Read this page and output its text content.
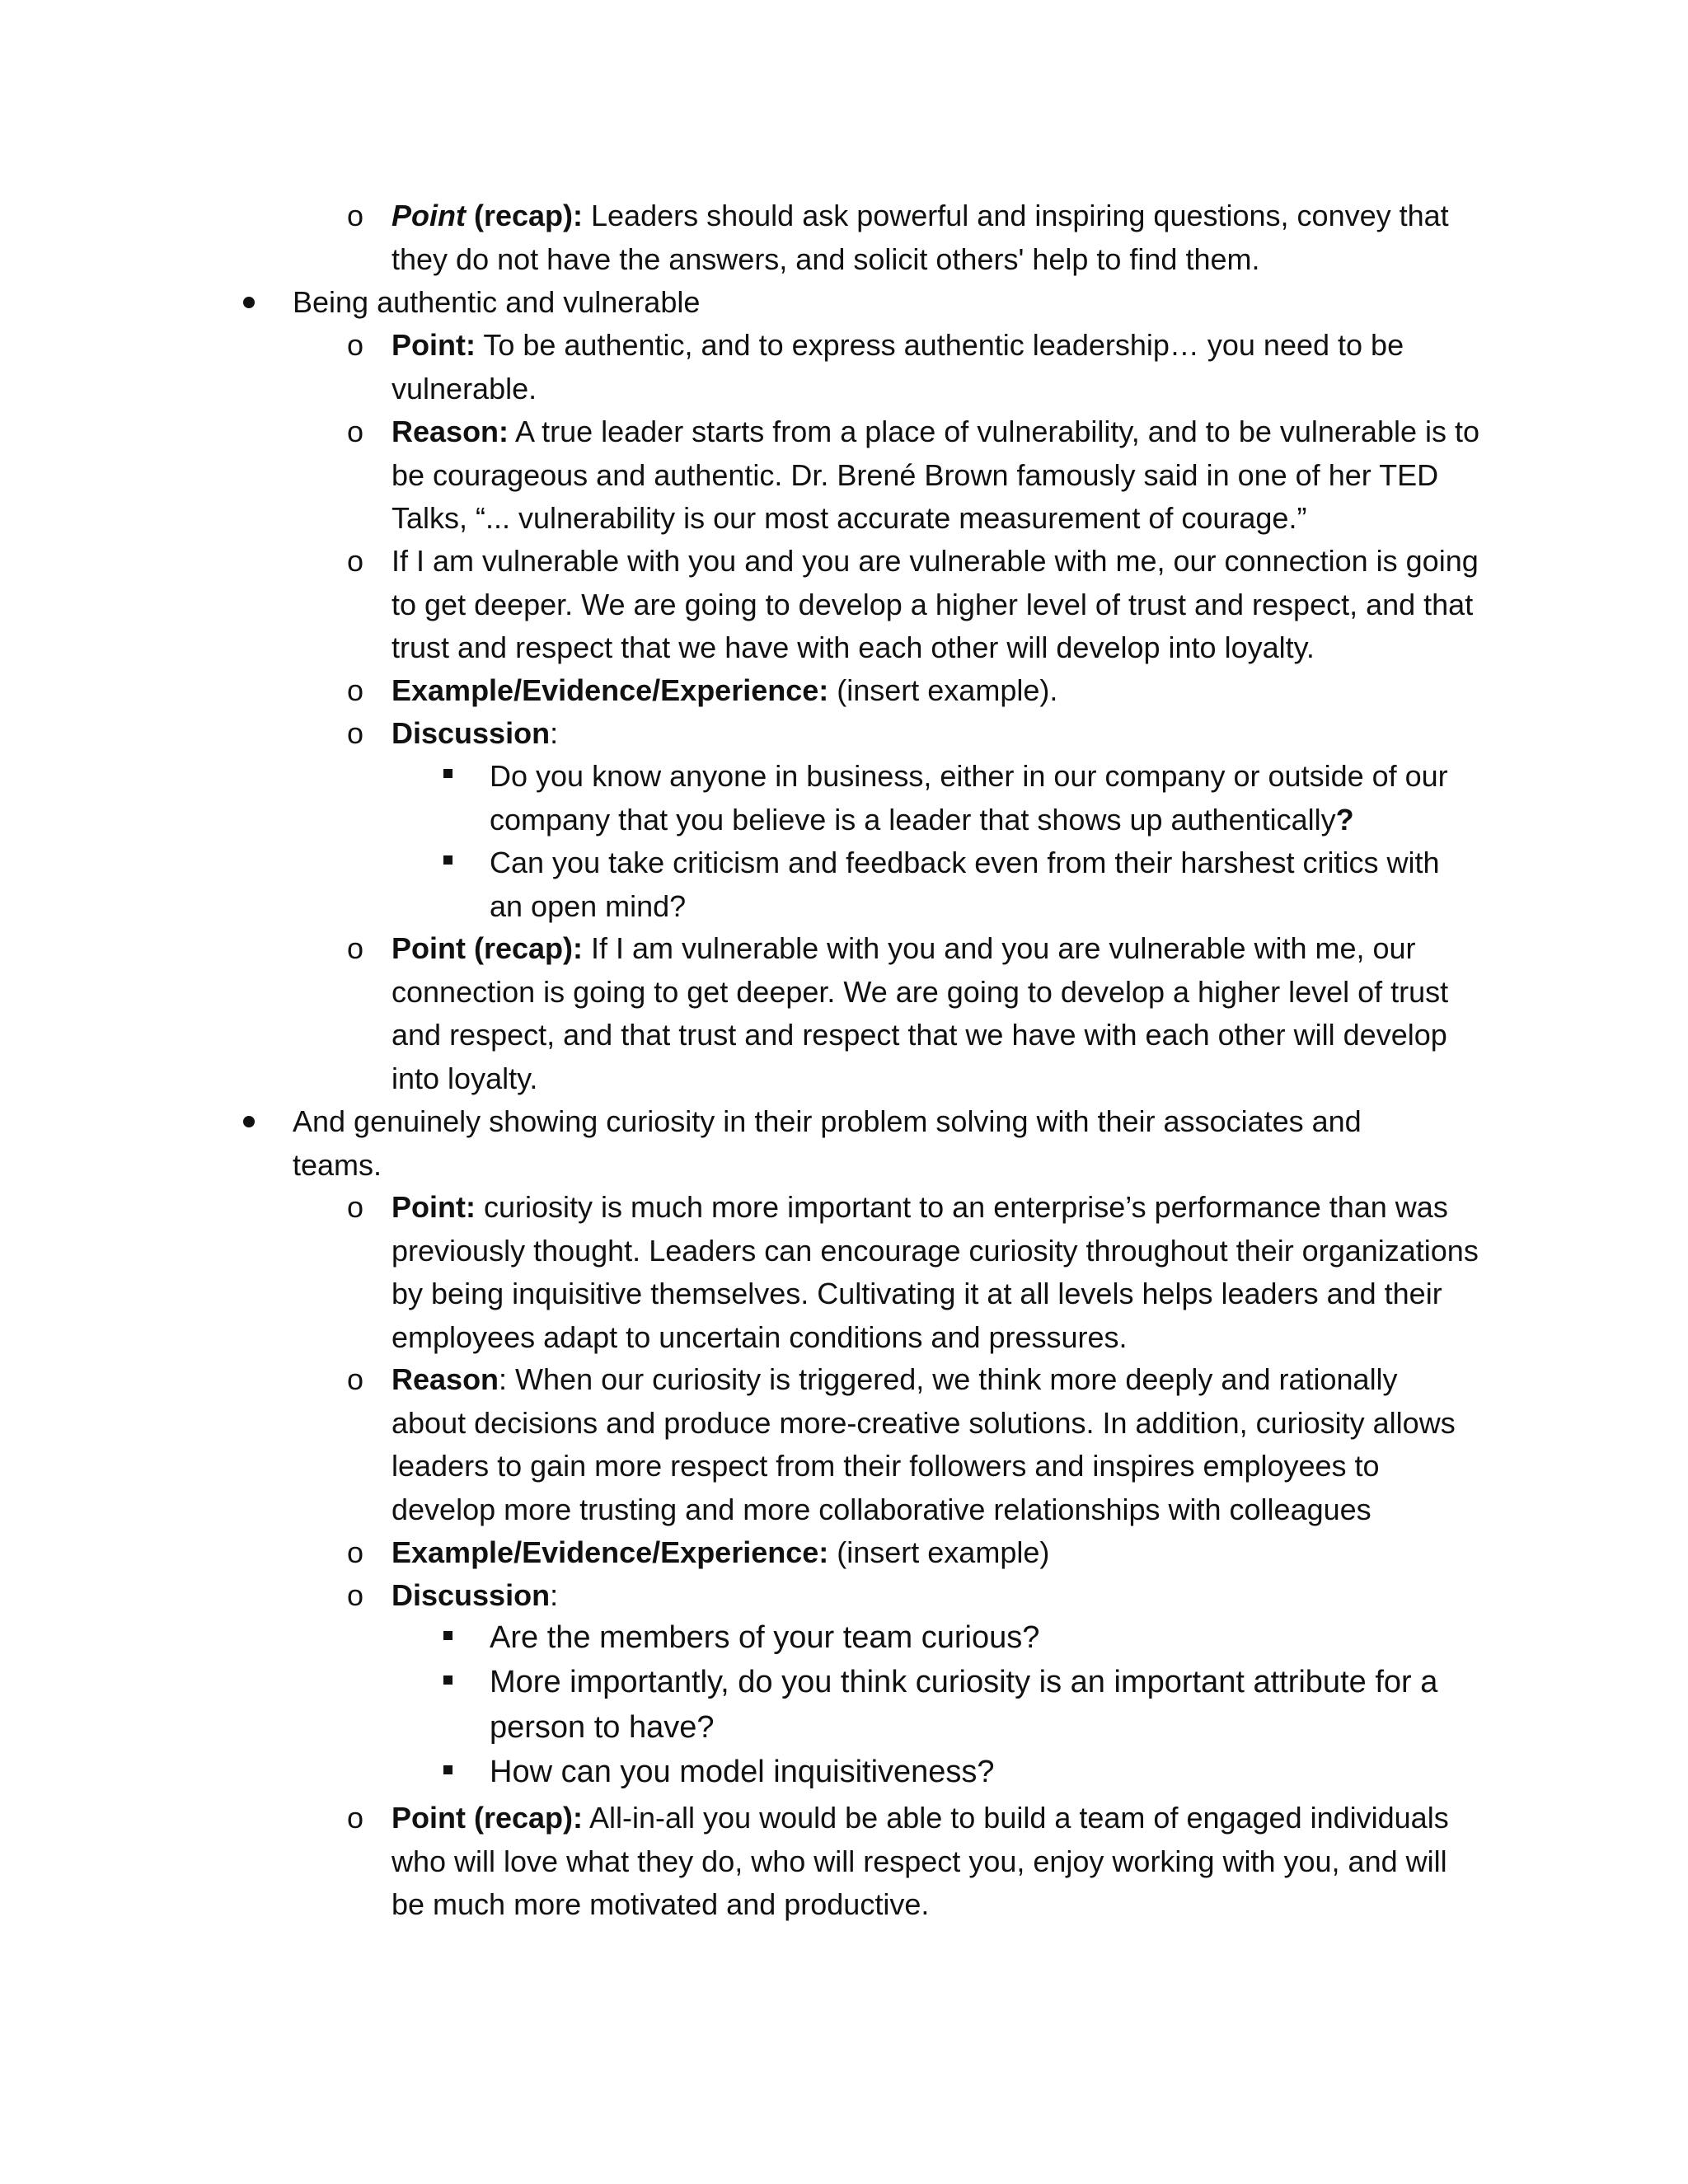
o Point (recap): Leaders should ask powerful and inspiring questions, convey that they do not have the answers, and solicit others' help to find them.

Being authentic and vulnerable

o Point: To be authentic, and to express authentic leadership… you need to be vulnerable.

o Reason: A true leader starts from a place of vulnerability, and to be vulnerable is to be courageous and authentic. Dr. Brené Brown famously said in one of her TED Talks, “... vulnerability is our most accurate measurement of courage.”

o If I am vulnerable with you and you are vulnerable with me, our connection is going to get deeper. We are going to develop a higher level of trust and respect, and that trust and respect that we have with each other will develop into loyalty.

o Example/Evidence/Experience: (insert example).

o Discussion:

Do you know anyone in business, either in our company or outside of our company that you believe is a leader that shows up authentically?

Can you take criticism and feedback even from their harshest critics with an open mind?

o Point (recap): If I am vulnerable with you and you are vulnerable with me, our connection is going to get deeper. We are going to develop a higher level of trust and respect, and that trust and respect that we have with each other will develop into loyalty.

And genuinely showing curiosity in their problem solving with their associates and teams.

o Point: curiosity is much more important to an enterprise’s performance than was previously thought. Leaders can encourage curiosity throughout their organizations by being inquisitive themselves. Cultivating it at all levels helps leaders and their employees adapt to uncertain conditions and pressures.

o Reason: When our curiosity is triggered, we think more deeply and rationally about decisions and produce more-creative solutions. In addition, curiosity allows leaders to gain more respect from their followers and inspires employees to develop more trusting and more collaborative relationships with colleagues

o Example/Evidence/Experience: (insert example)

o Discussion:

Are the members of your team curious?

More importantly, do you think curiosity is an important attribute for a person to have?

How can you model inquisitiveness?

o Point (recap): All-in-all you would be able to build a team of engaged individuals who will love what they do, who will respect you, enjoy working with you, and will be much more motivated and productive.
